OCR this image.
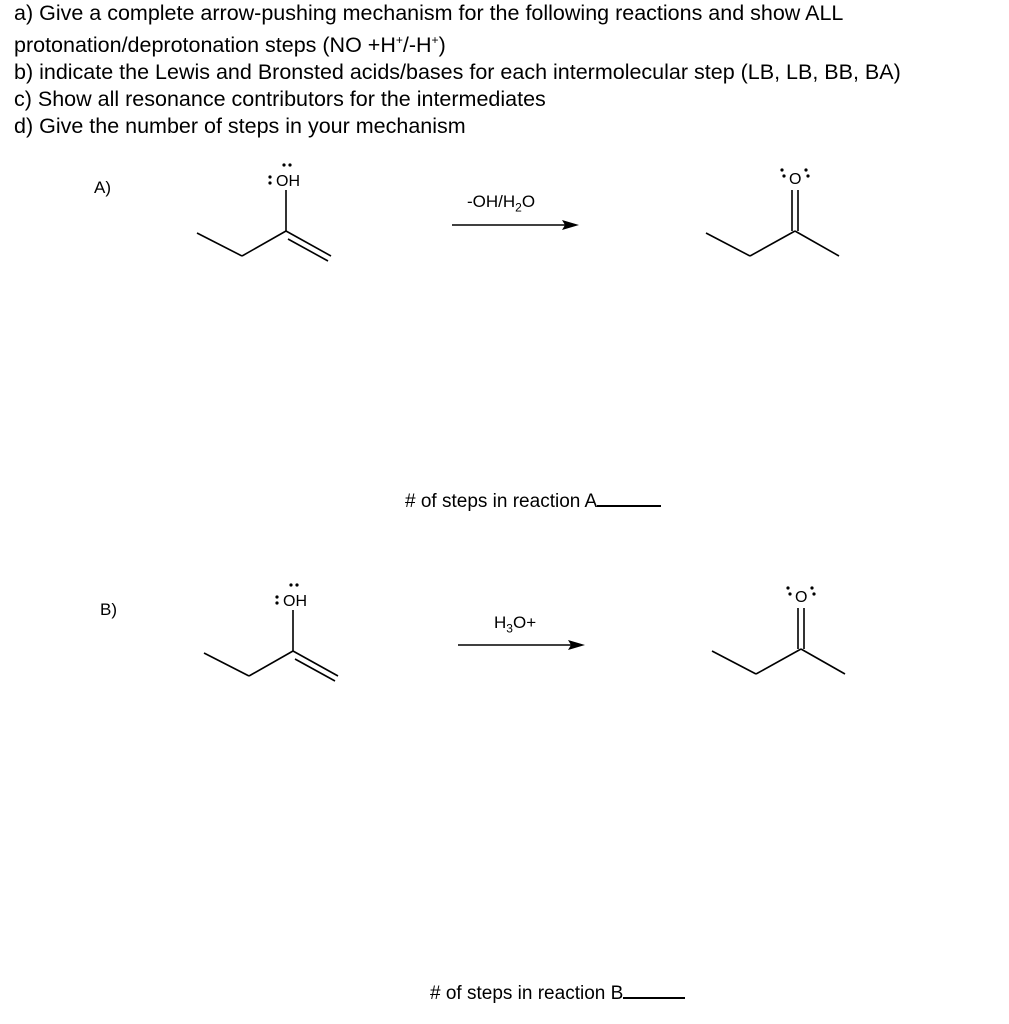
a) Give a complete arrow-pushing mechanism for the following reactions and show ALL
protonation/deprotonation steps (NO +H+/-H+)
b) indicate the Lewis and Bronsted acids/bases for each intermolecular step (LB, LB, BB, BA)
c) Show all resonance contributors for the intermediates
d) Give the number of steps in your mechanism
A)	OH
$-OH/H_2O$
O
# of steps in reaction A
B)	OH
$H_3O+$
O
# of steps in reaction B
